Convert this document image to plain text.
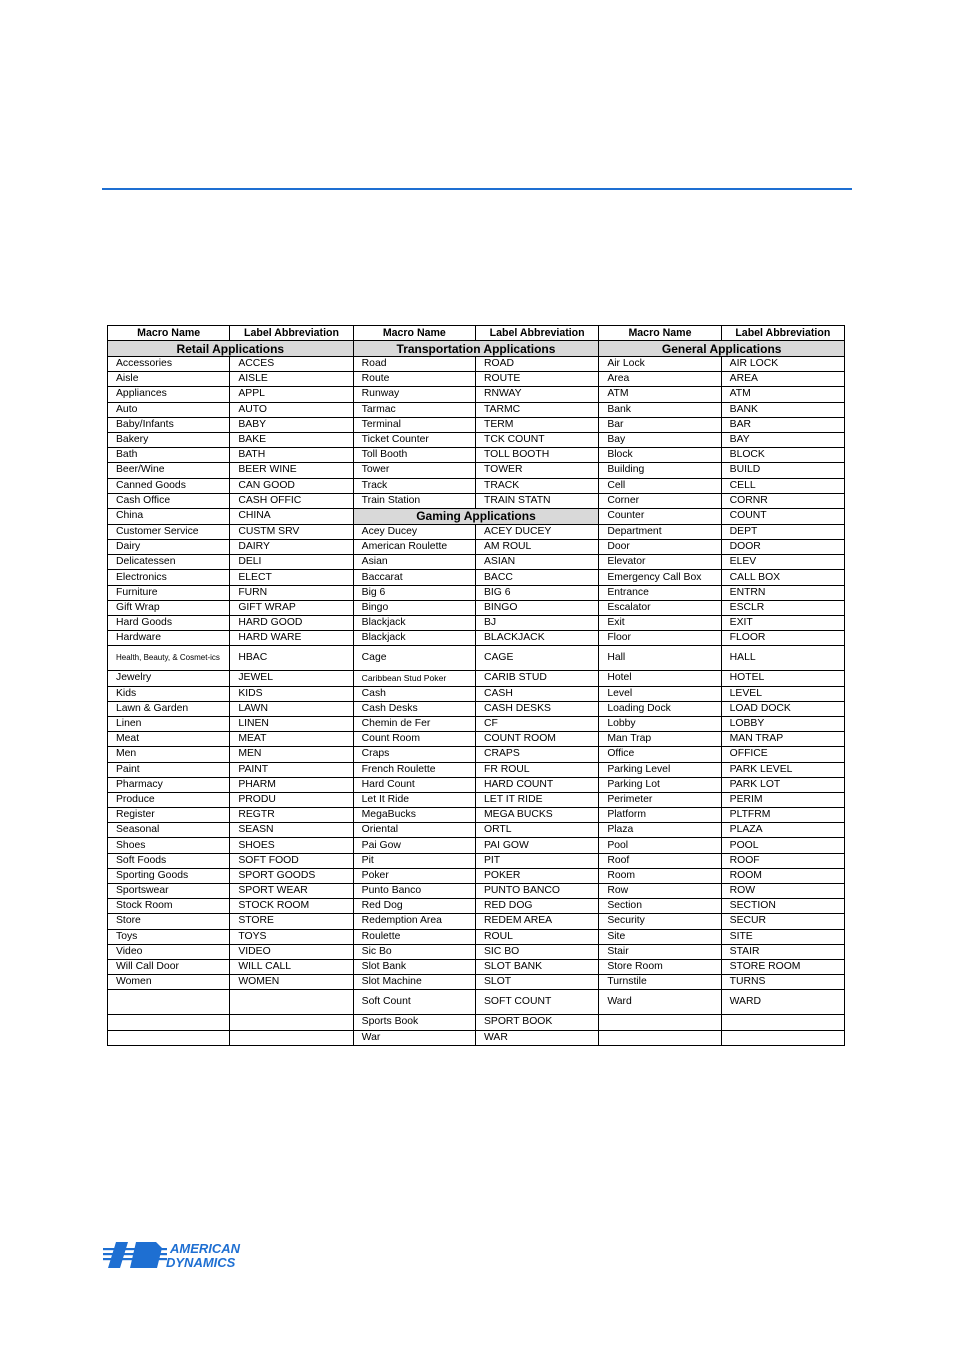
Macro Name	Label Abbreviation	Macro Name	Label Abbreviation	Macro Name	Label Abbreviation
Retail Applications		Transportation Applications		General Applications	
Accessories	ACCES	Road	ROAD	Air Lock	AIR LOCK
Aisle	AISLE	Route	ROUTE	Area	AREA
Appliances	APPL	Runway	RNWAY	ATM	ATM
Auto	AUTO	Tarmac	TARMC	Bank	BANK
Baby/Infants	BABY	Terminal	TERM	Bar	BAR
Bakery	BAKE	Ticket Counter	TCK COUNT	Bay	BAY
Bath	BATH	Toll Booth	TOLL BOOTH	Block	BLOCK
Beer/Wine	BEER WINE	Tower	TOWER	Building	BUILD
Canned Goods	CAN GOOD	Track	TRACK	Cell	CELL
Cash Office	CASH OFFIC	Train Station	TRAIN STATN	Corner	CORNR
China	CHINA	Gaming Applications		Counter	COUNT
Customer Service	CUSTM SRV	Acey Ducey	ACEY DUCEY	Department	DEPT
Dairy	DAIRY	American Roulette	AM ROUL	Door	DOOR
Delicatessen	DELI	Asian	ASIAN	Elevator	ELEV
Electronics	ELECT	Baccarat	BACC	Emergency Call Box	CALL BOX
Furniture	FURN	Big 6	BIG 6	Entrance	ENTRN
Gift Wrap	GIFT WRAP	Bingo	BINGO	Escalator	ESCLR
Hard Goods	HARD GOOD	Blackjack	BJ	Exit	EXIT
Hardware	HARD WARE	Blackjack	BLACKJACK	Floor	FLOOR
Health, Beauty, & Cosmet-ics	HBAC	Cage	CAGE	Hall	HALL
Jewelry	JEWEL	Caribbean Stud Poker	CARIB STUD	Hotel	HOTEL
Kids	KIDS	Cash	CASH	Level	LEVEL
Lawn & Garden	LAWN	Cash Desks	CASH DESKS	Loading Dock	LOAD DOCK
Linen	LINEN	Chemin de Fer	CF	Lobby	LOBBY
Meat	MEAT	Count Room	COUNT ROOM	Man Trap	MAN TRAP
Men	MEN	Craps	CRAPS	Office	OFFICE
Paint	PAINT	French Roulette	FR ROUL	Parking Level	PARK LEVEL
Pharmacy	PHARM	Hard Count	HARD COUNT	Parking Lot	PARK LOT
Produce	PRODU	Let It Ride	LET IT RIDE	Perimeter	PERIM
Register	REGTR	MegaBucks	MEGA BUCKS	Platform	PLTFRM
Seasonal	SEASN	Oriental	ORTL	Plaza	PLAZA
Shoes	SHOES	Pai Gow	PAI GOW	Pool	POOL
Soft Foods	SOFT FOOD	Pit	PIT	Roof	ROOF
Sporting Goods	SPORT GOODS	Poker	POKER	Room	ROOM
Sportswear	SPORT WEAR	Punto Banco	PUNTO BANCO	Row	ROW
Stock Room	STOCK ROOM	Red Dog	RED DOG	Section	SECTION
Store	STORE	Redemption Area	REDEM AREA	Security	SECUR
Toys	TOYS	Roulette	ROUL	Site	SITE
Video	VIDEO	Sic Bo	SIC BO	Stair	STAIR
Will Call Door	WILL CALL	Slot Bank	SLOT BANK	Store Room	STORE ROOM
Women	WOMEN	Slot Machine	SLOT	Turnstile	TURNS
		Soft Count	SOFT COUNT	Ward	WARD
		Sports Book	SPORT BOOK		
		War	WAR		
AMERICAN
DYNAMICS
